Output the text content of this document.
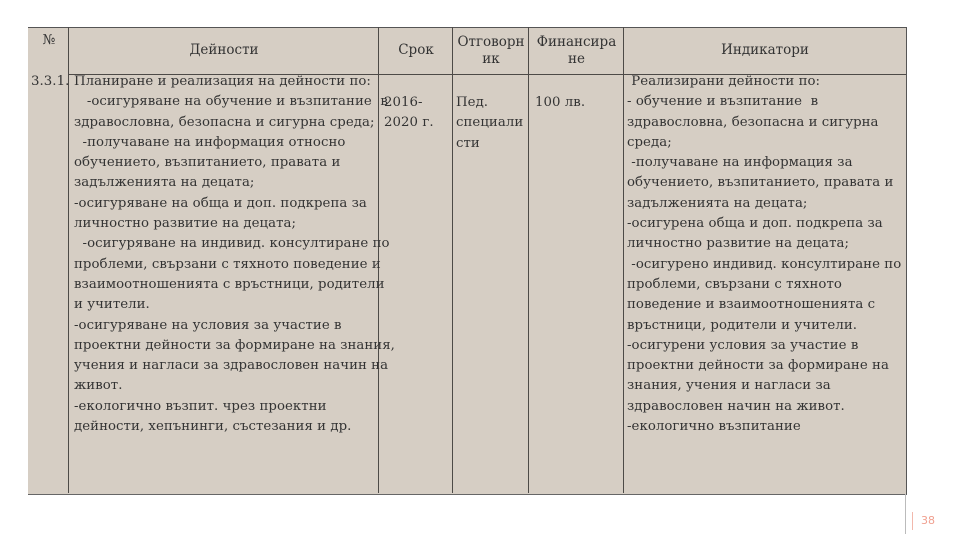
№
Дейности	Срок	Отговорн
ик
Финансира
не
Индикатори
3.3.1. Планиране и реализация на дейности по:
-осигуряване на обучение и възпитание  в
здравословна, безопасна и сигурна среда;
-получаване на информация относно
обучението, възпитанието, правата и
задълженията на децата;
-осигуряване на обща и доп. подкрепа за
личностно развитие на децата;
-осигуряване на индивид. консултиране по
проблеми, свързани с тяхното поведение и
взаимоотношенията с връстници, родители
и учители.
-осигуряване на условия за участие в
проектни дейности за формиране на знания,
учения и нагласи за здравословен начин на
живот.
-екологично възпит. чрез проектни
дейности, хепънинги, състезания и др.
2016-
2020 г.
Пед.
специали
сти
100 лв.
Реализирани дейности по:
- обучение и възпитание  в
здравословна, безопасна и сигурна
среда;
-получаване на информация за
обучението, възпитанието, правата и
задълженията на децата;
-осигурена обща и доп. подкрепа за
личностно развитие на децата;
-осигурено индивид. консултиране по
проблеми, свързани с тяхното
поведение и взаимоотношенията с
връстници, родители и учители.
-осигурени условия за участие в
проектни дейности за формиране на
знания, учения и нагласи за
здравословен начин на живот.
-екологично възпитание
38
